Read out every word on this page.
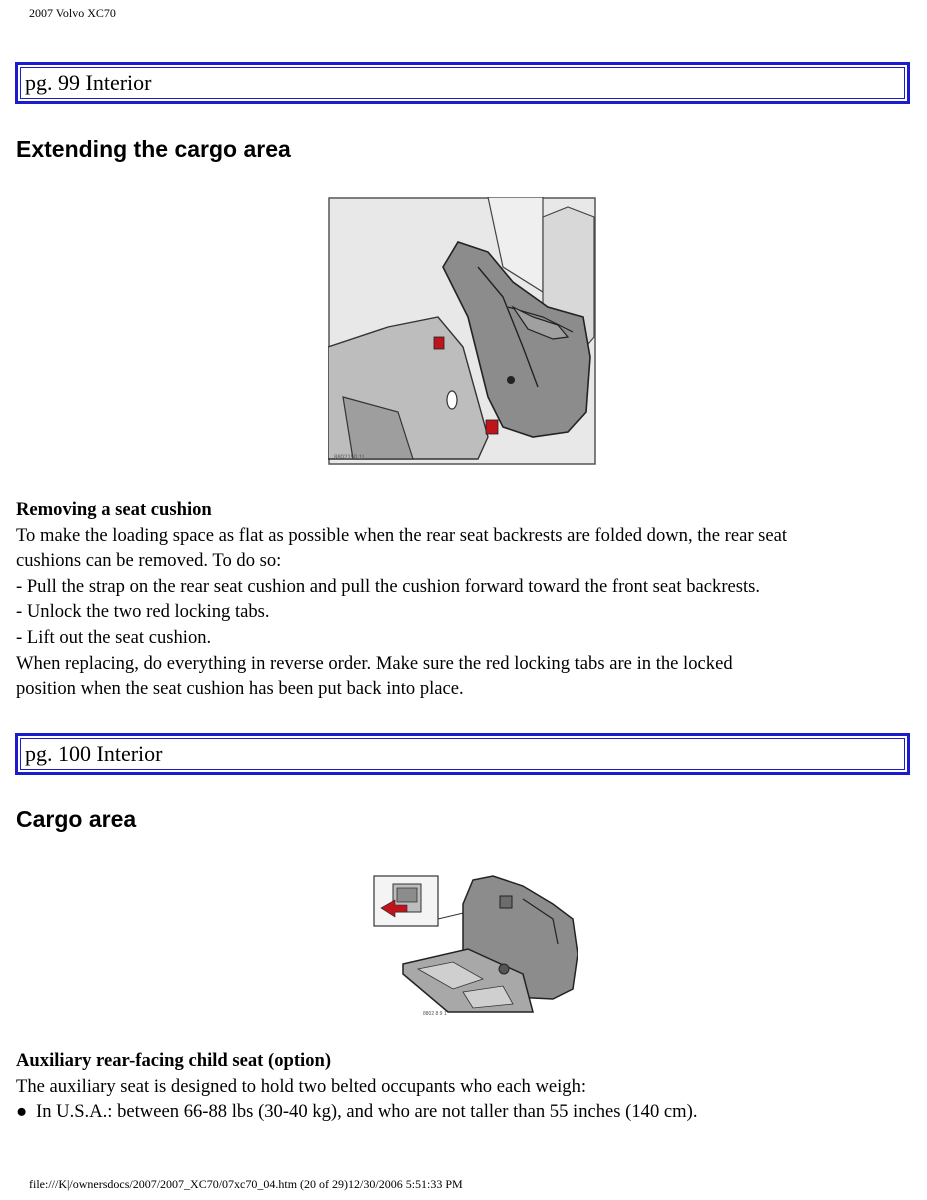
2007 Volvo XC70
pg. 99 Interior
Extending the cargo area
8802150 1t

Removing a seat cushion

To make the loading space as flat as possible when the rear seat backrests are folded down, the rear seat

cushions can be removed. To do so:

- Pull the strap on the rear seat cushion and pull the cushion forward toward the front seat backrests.

- Unlock the two red locking tabs.

- Lift out the seat cushion.

When replacing, do everything in reverse order. Make sure the red locking tabs are in the locked

position when the seat cushion has been put back into place.

pg. 100 Interior
Cargo area
8802 8 9 1

Auxiliary rear-facing child seat (option)

The auxiliary seat is designed to hold two belted occupants who each weigh:

● In U.S.A.: between 66-88 lbs (30-40 kg), and who are not taller than 55 inches (140 cm).

file:///K|/ownersdocs/2007/2007_XC70/07xc70_04.htm (20 of 29)12/30/2006 5:51:33 PM
